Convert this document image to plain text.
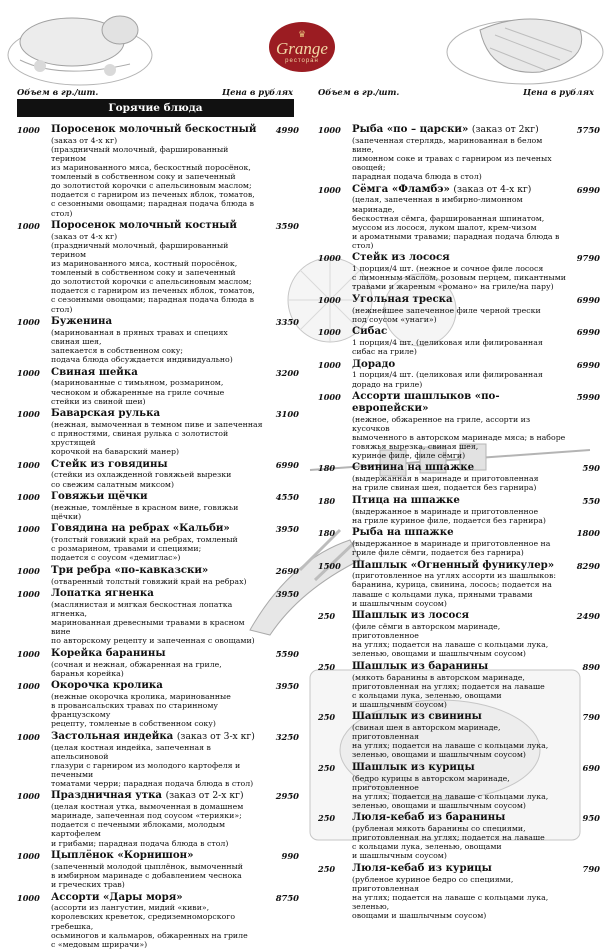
♛
Grange
ресторан
Объем в гр./шт.	Цена в рублях	Объем в гр./шт.	Цена в рублях
Горячие блюда
1000	4990
Поросенок молочный бескостный
(заказ от 4-х кг)
(праздничный молочный, фаршированный терином
из маринованного мяса, бескостный поросёнок,
томленый в собственном соку и запеченный
до золотистой корочки с апельсиновым маслом;
подается с гарниром из печеных яблок, томатов,
с сезонными овощами; парадная подача блюда в стол)
1000	3590
Поросенок молочный костный
(заказ от 4-х кг)
(праздничный молочный, фаршированный терином
из маринованного мяса, костный поросёнок,
томленый в собственном соку и запеченный
до золотистой корочки с апельсиновым маслом;
подается с гарниром из печеных яблок, томатов,
с сезонными овощами; парадная подача блюда в стол)
1000	3350
Буженина
(маринованная в пряных травах и специях
свиная шея,
запекается в собственном соку;
подача блюда обсуждается индивидуально)
1000	3200
Свиная шейка
(маринованные с тимьяном, розмарином,
чесноком и обжаренные на гриле сочные
стейки из свиной шеи)
1000	3100
Баварская рулька
(нежная, вымоченная в темном пиве и запеченная
с пряностями, свиная рулька с золотистой хрустящей
корочкой на баварский манер)
1000	6990
Стейк из говядины
(стейки из охлажденной говяжьей вырезки
со свежим салатным миксом)
1000	4550
Говяжьи щёчки
(нежные, томлёные в красном вине, говяжьи щёчки)
1000	3950
Говядина на ребрах «Кальби»
(толстый говяжий край на ребрах, томленый
с розмарином, травами и специями;
подается с соусом «демиглас»)
1000	2690
Три ребра «по-кавказски»
(отваренный толстый говяжий край на ребрах)
1000	3950
Лопатка ягненка
(маслянистая и мягкая бескостная лопатка ягненка,
маринованная древесными травами в красном вине
по авторскому рецепту и запеченная с овощами)
1000	5590
Корейка баранины
(сочная и нежная, обжаренная на гриле,
баранья корейка)
1000	3950
Окорочка кролика
(нежные окорочка кролика, маринованные
в провансальских травах по старинному французскому
рецепту, томленые в собственном соку)
1000	3250
Застольная индейка (заказ от 3-х кг)
(целая костная индейка, запеченная в апельсиновой
глазури с гарниром из молодого картофеля и печеными
томатами черри; парадная подача блюда в стол)
1000	2950
Праздничная утка (заказ от 2-х кг)
(целая костная утка, вымоченная в домашнем
маринаде, запеченная под соусом «терияки»;
подается с печеными яблоками, молодым картофелем
и грибами; парадная подача блюда в стол)
1000	990
Цыплёнок «Корнишон»
(запеченный молодой цыплёнок, вымоченный
в имбирном маринаде с добавлением чеснока
и греческих трав)
1000	8750
Ассорти «Дары моря»
(ассорти из лангустин, мидий «киви»,
королевских креветок, средиземноморского гребешка,
осьминогов и кальмаров, обжаренных на гриле
с «медовым шрирачи»)
1000	5750
Рыба «по – царски» (заказ от 2кг)
(запеченная стерлядь, маринованная в белом вине,
лимонном соке и травах с гарниром из печеных овощей;
парадная подача блюда в стол)
1000	6990
Сёмга «Фламбэ» (заказ от 4-х кг)
(целая, запеченная в имбирно-лимонном маринаде,
бескостная сёмга, фаршированная шпинатом,
муссом из лосося, луком шалот, крем-чизом
и ароматными травами; парадная подача блюда в стол)
1000	9790
Стейк из лосося
1 порция/4 шт. (нежное и сочное филе лосося
с лимонным маслом, розовым перцем, пикантными
травами и жареным «романо» на гриле/на пару)
1000	6990
Угольная треска
(нежнейшее запеченное филе черной трески
под соусом «унаги»)
1000	6990
Сибас
1 порция/4 шт. (целиковая или филированная
сибас на гриле)
1000	6990
Дорадо
1 порция/4 шт. (целиковая или филированная
дорадо на гриле)
1000	5990
Ассорти шашлыков «по-европейски»
(нежное, обжаренное на гриле, ассорти из кусочков
вымоченного в авторском маринаде мяса; в наборе
говяжья вырезка, свиная шея,
куриное филе, филе сёмги)
180	590
Свинина на шпажке
(выдержанная в маринаде и приготовленная
на гриле свиная шея, подается без гарнира)
180	550
Птица на шпажке
(выдержанное в маринаде и приготовленное
на гриле куриное филе, подается без гарнира)
180	1800
Рыба на шпажке
(выдержанное в маринаде и приготовленное на
гриле филе сёмги, подается без гарнира)
1500	8290
Шашлык «Огненный фуникулер»
(приготовленное на углях ассорти из шашлыков:
баранина, курица, свинина, лосось; подается на
лаваше с кольцами лука, пряными травами
и шашлычным соусом)
250	2490
Шашлык из лосося
(филе сёмги в авторском маринаде, приготовленное
на углях; подается на лаваше с кольцами лука,
зеленью, овощами и шашлычным соусом)
250	890
Шашлык из баранины
(мякоть баранины в авторском маринаде,
приготовленная на углях; подается на лаваше
с кольцами лука, зеленью, овощами
и шашлычным соусом)
250	790
Шашлык из свинины
(свиная шея в авторском маринаде, приготовленная
на углях; подается на лаваше с кольцами лука,
зеленью, овощами и шашлычным соусом)
250	690
Шашлык из курицы
(бедро курицы в авторском маринаде, приготовленное
на углях; подается на лаваше с кольцами лука,
зеленью, овощами и шашлычным соусом)
250	950
Люля-кебаб из баранины
(рубленая мякоть баранины со специями,
приготовленная на углях; подается на лаваше
с кольцами лука, зеленью, овощами
и шашлычным соусом)
250	790
Люля-кебаб из курицы
(рубленое куриное бедро со специями, приготовленная
на углях; подается на лаваше с кольцами лука, зеленью,
овощами и шашлычным соусом)
